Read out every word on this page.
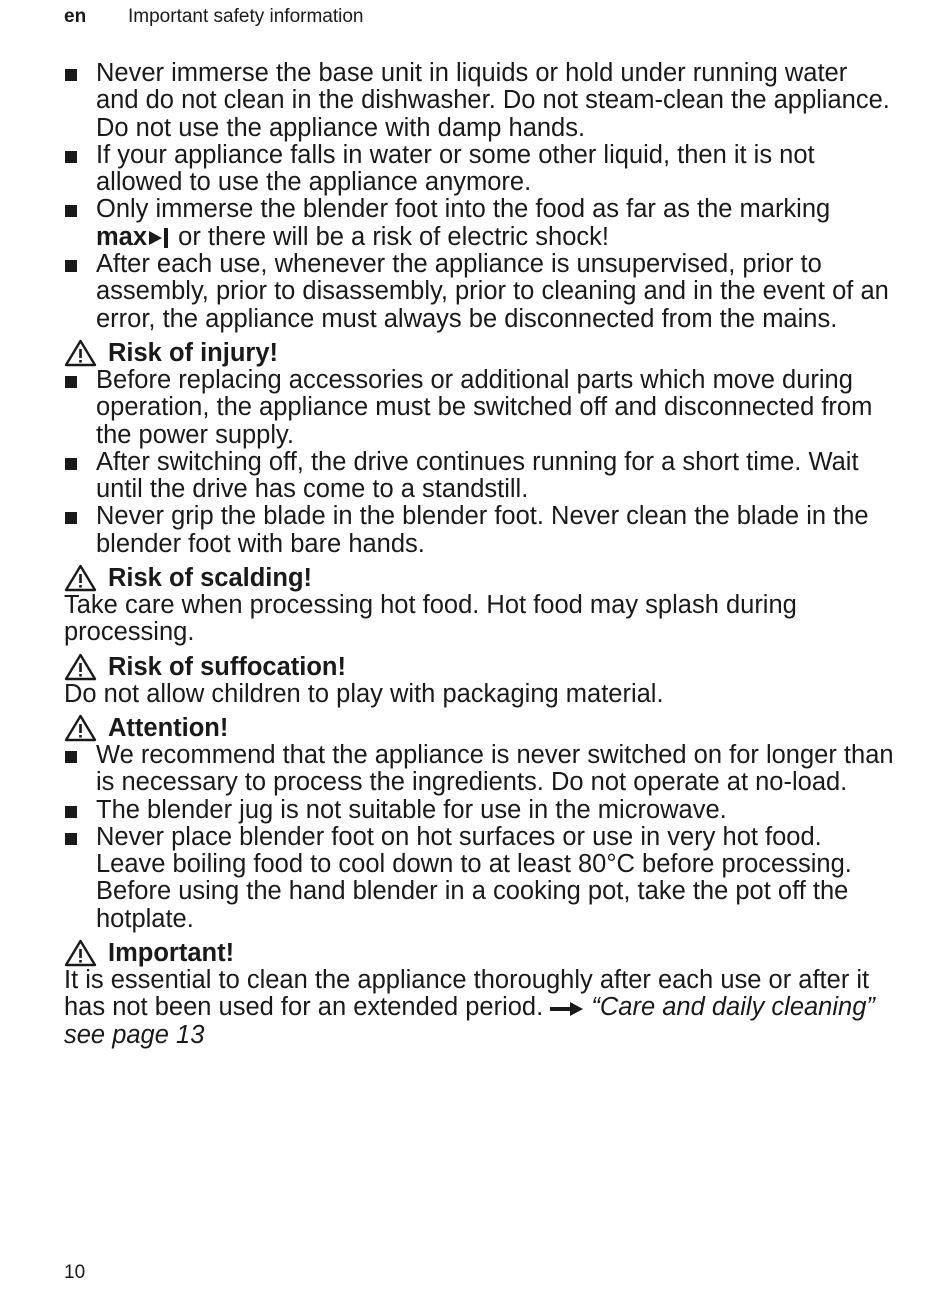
en	Important safety information
Never immerse the base unit in liquids or hold under running water and do not clean in the dishwasher. Do not steam-clean the appliance. Do not use the appliance with damp hands.
If your appliance falls in water or some other liquid, then it is not allowed to use the appliance anymore.
Only immerse the blender foot into the food as far as the marking
max or there will be a risk of electric shock!
After each use, whenever the appliance is unsupervised, prior to assembly, prior to disassembly, prior to cleaning and in the event of an error, the appliance must always be disconnected from the mains.
Risk of injury!
Before replacing accessories or additional parts which move during operation, the appliance must be switched off and disconnected from the power supply.
After switching off, the drive continues running for a short time. Wait until the drive has come to a standstill.
Never grip the blade in the blender foot. Never clean the blade in the blender foot with bare hands.
Risk of scalding!

Take care when processing hot food. Hot food may splash during processing.

Risk of suffocation!

Do not allow children to play with packaging material.

Attention!
We recommend that the appliance is never switched on for longer than is necessary to process the ingredients. Do not operate at no-load.
The blender jug is not suitable for use in the microwave.
Never place blender foot on hot surfaces or use in very hot food. Leave boiling food to cool down to at least 80°C before processing. Before using the hand blender in a cooking pot, take the pot off the hotplate.
Important!

It is essential to clean the appliance thoroughly after each use or after it has not been used for an extended period. “Care and daily cleaning” see page 13

10
